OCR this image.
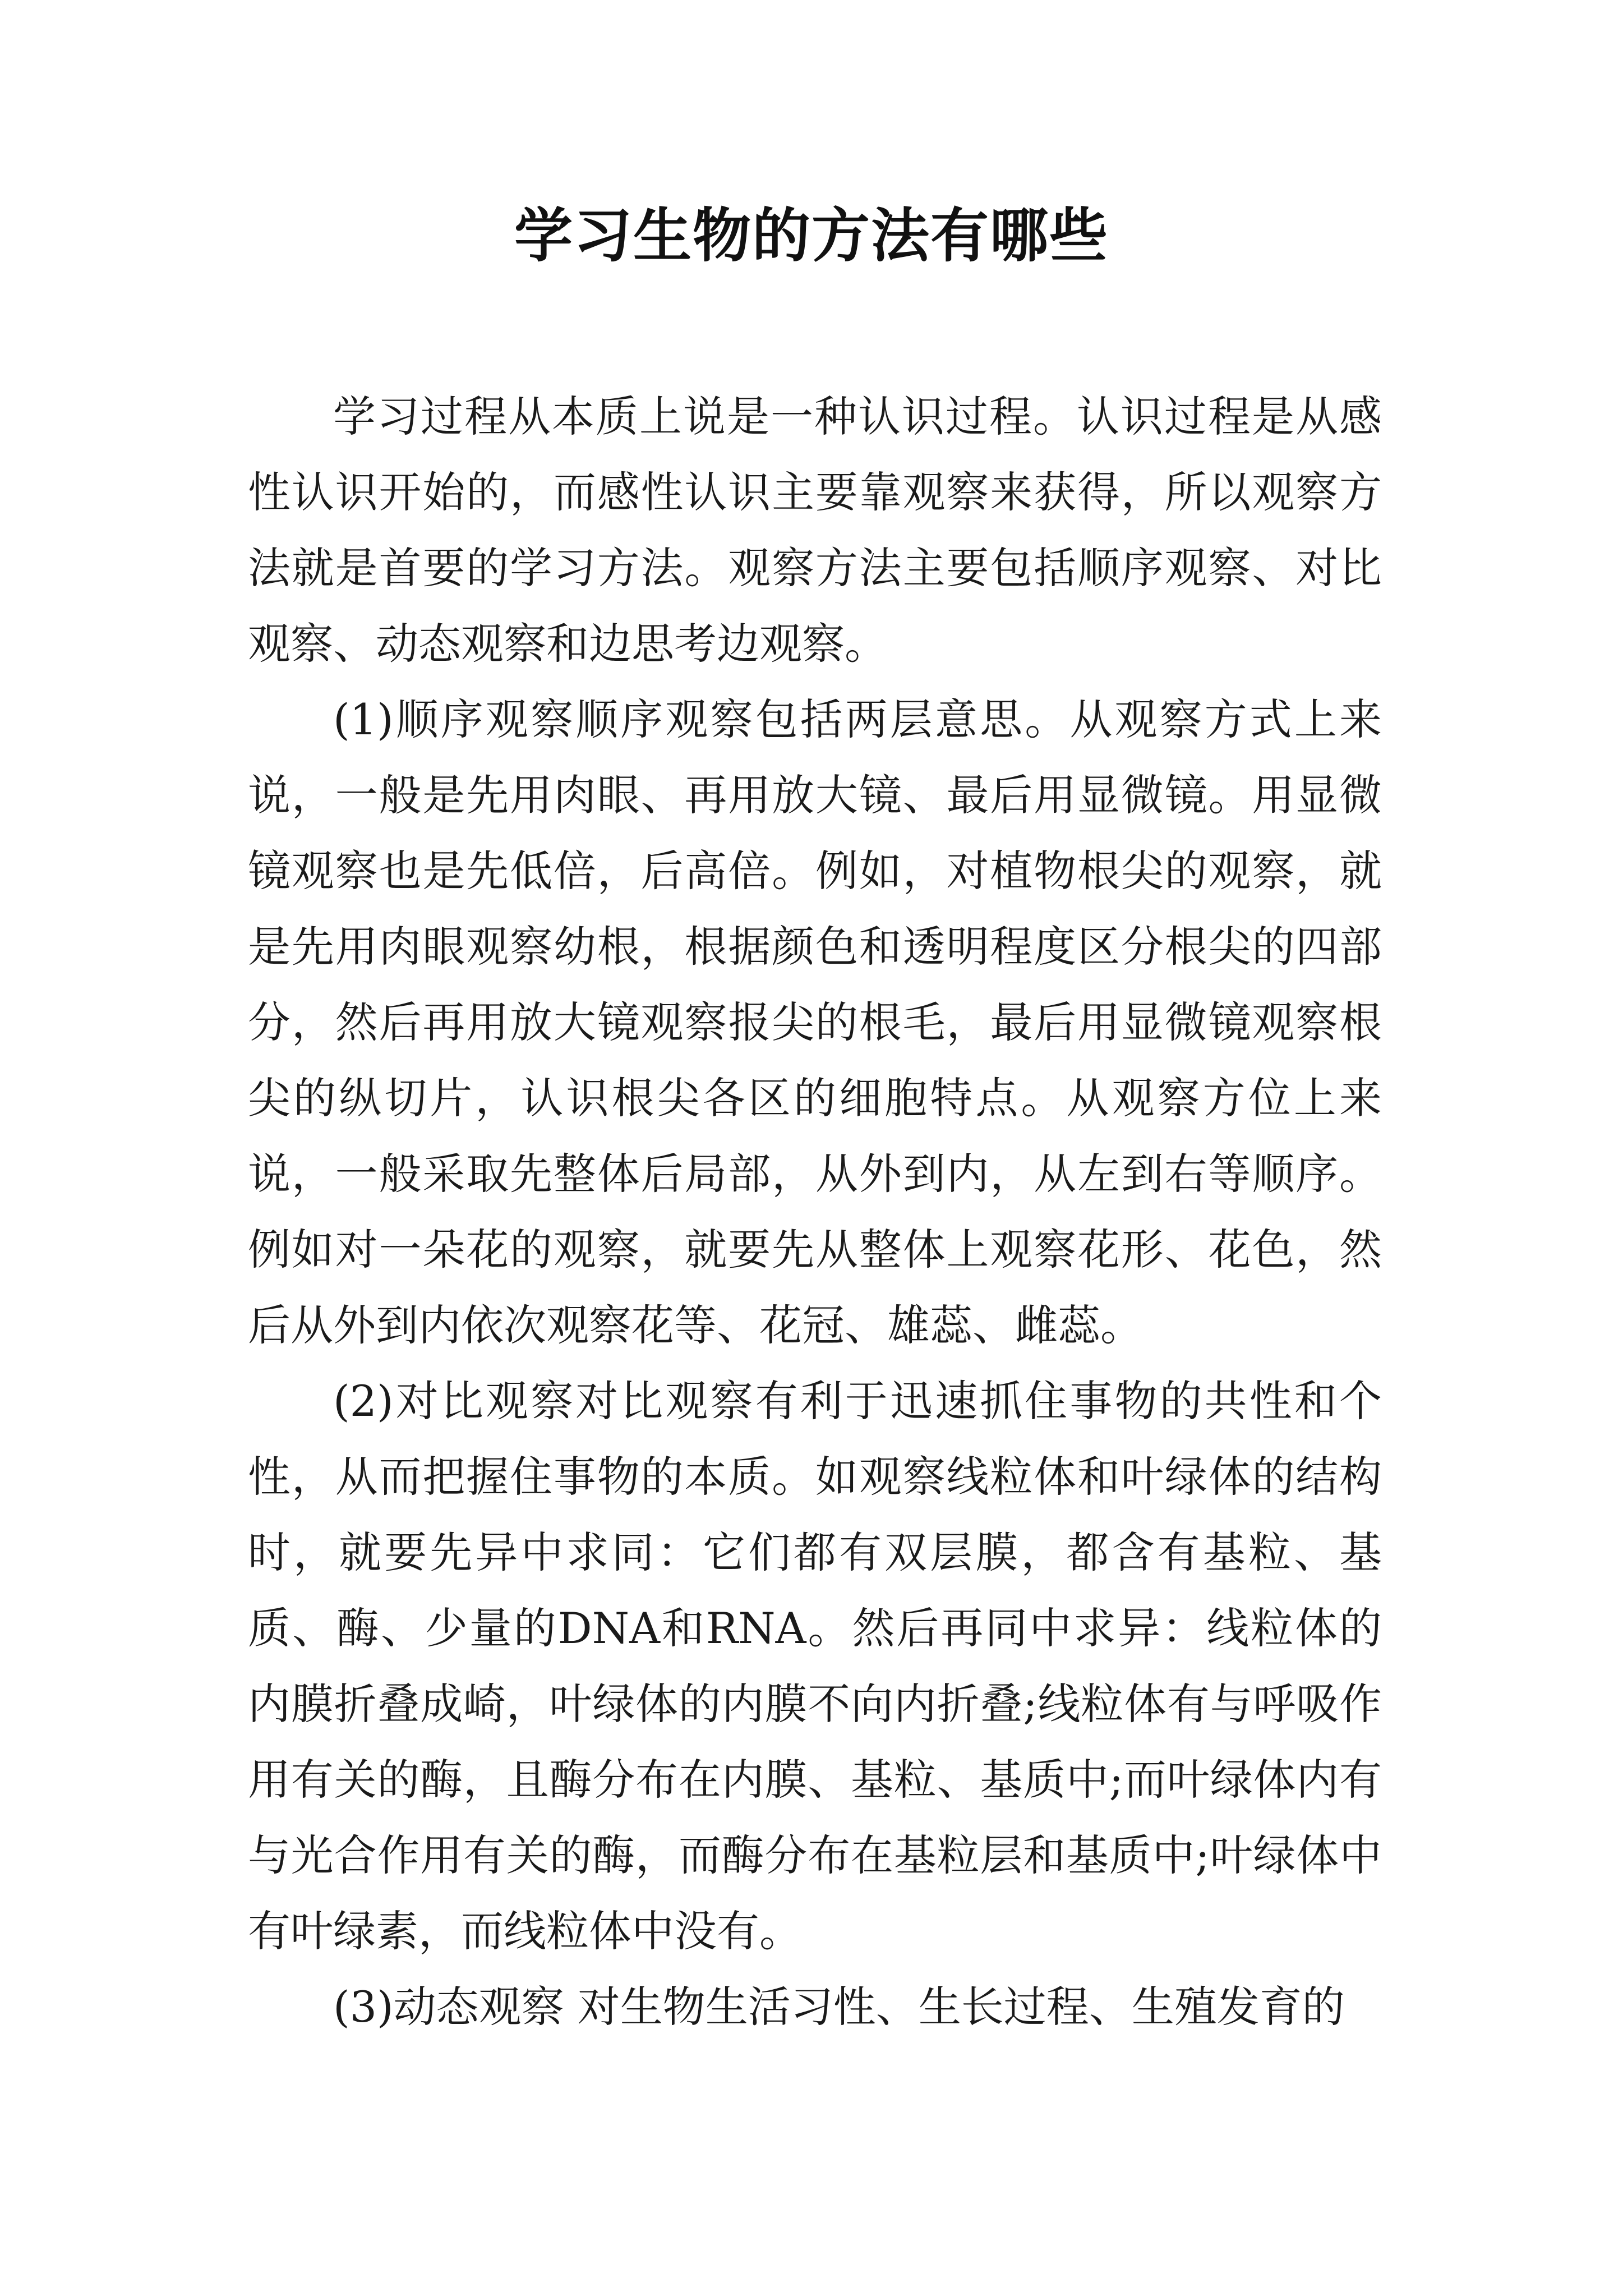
学习生物的方法有哪些

学习过程从本质上说是一种认识过程。认识过程是从感性认识开始的，而感性认识主要靠观察来获得，所以观察方法就是首要的学习方法。观察方法主要包括顺序观察、对比观察、动态观察和边思考边观察。

(1)顺序观察顺序观察包括两层意思。从观察方式上来说，一般是先用肉眼、再用放大镜、最后用显微镜。用显微镜观察也是先低倍，后高倍。例如，对植物根尖的观察，就是先用肉眼观察幼根，根据颜色和透明程度区分根尖的四部分，然后再用放大镜观察报尖的根毛，最后用显微镜观察根尖的纵切片，认识根尖各区的细胞特点。从观察方位上来说，一般采取先整体后局部，从外到内，从左到右等顺序。例如对一朵花的观察，就要先从整体上观察花形、花色，然后从外到内依次观察花等、花冠、雄蕊、雌蕊。

(2)对比观察对比观察有利于迅速抓住事物的共性和个性，从而把握住事物的本质。如观察线粒体和叶绿体的结构时，就要先异中求同：它们都有双层膜，都含有基粒、基质、酶、少量的DNA和RNA。然后再同中求异：线粒体的内膜折叠成崎，叶绿体的内膜不向内折叠;线粒体有与呼吸作用有关的酶，且酶分布在内膜、基粒、基质中;而叶绿体内有与光合作用有关的酶，而酶分布在基粒层和基质中;叶绿体中有叶绿素，而线粒体中没有。

(3)动态观察 对生物生活习性、生长过程、生殖发育的
